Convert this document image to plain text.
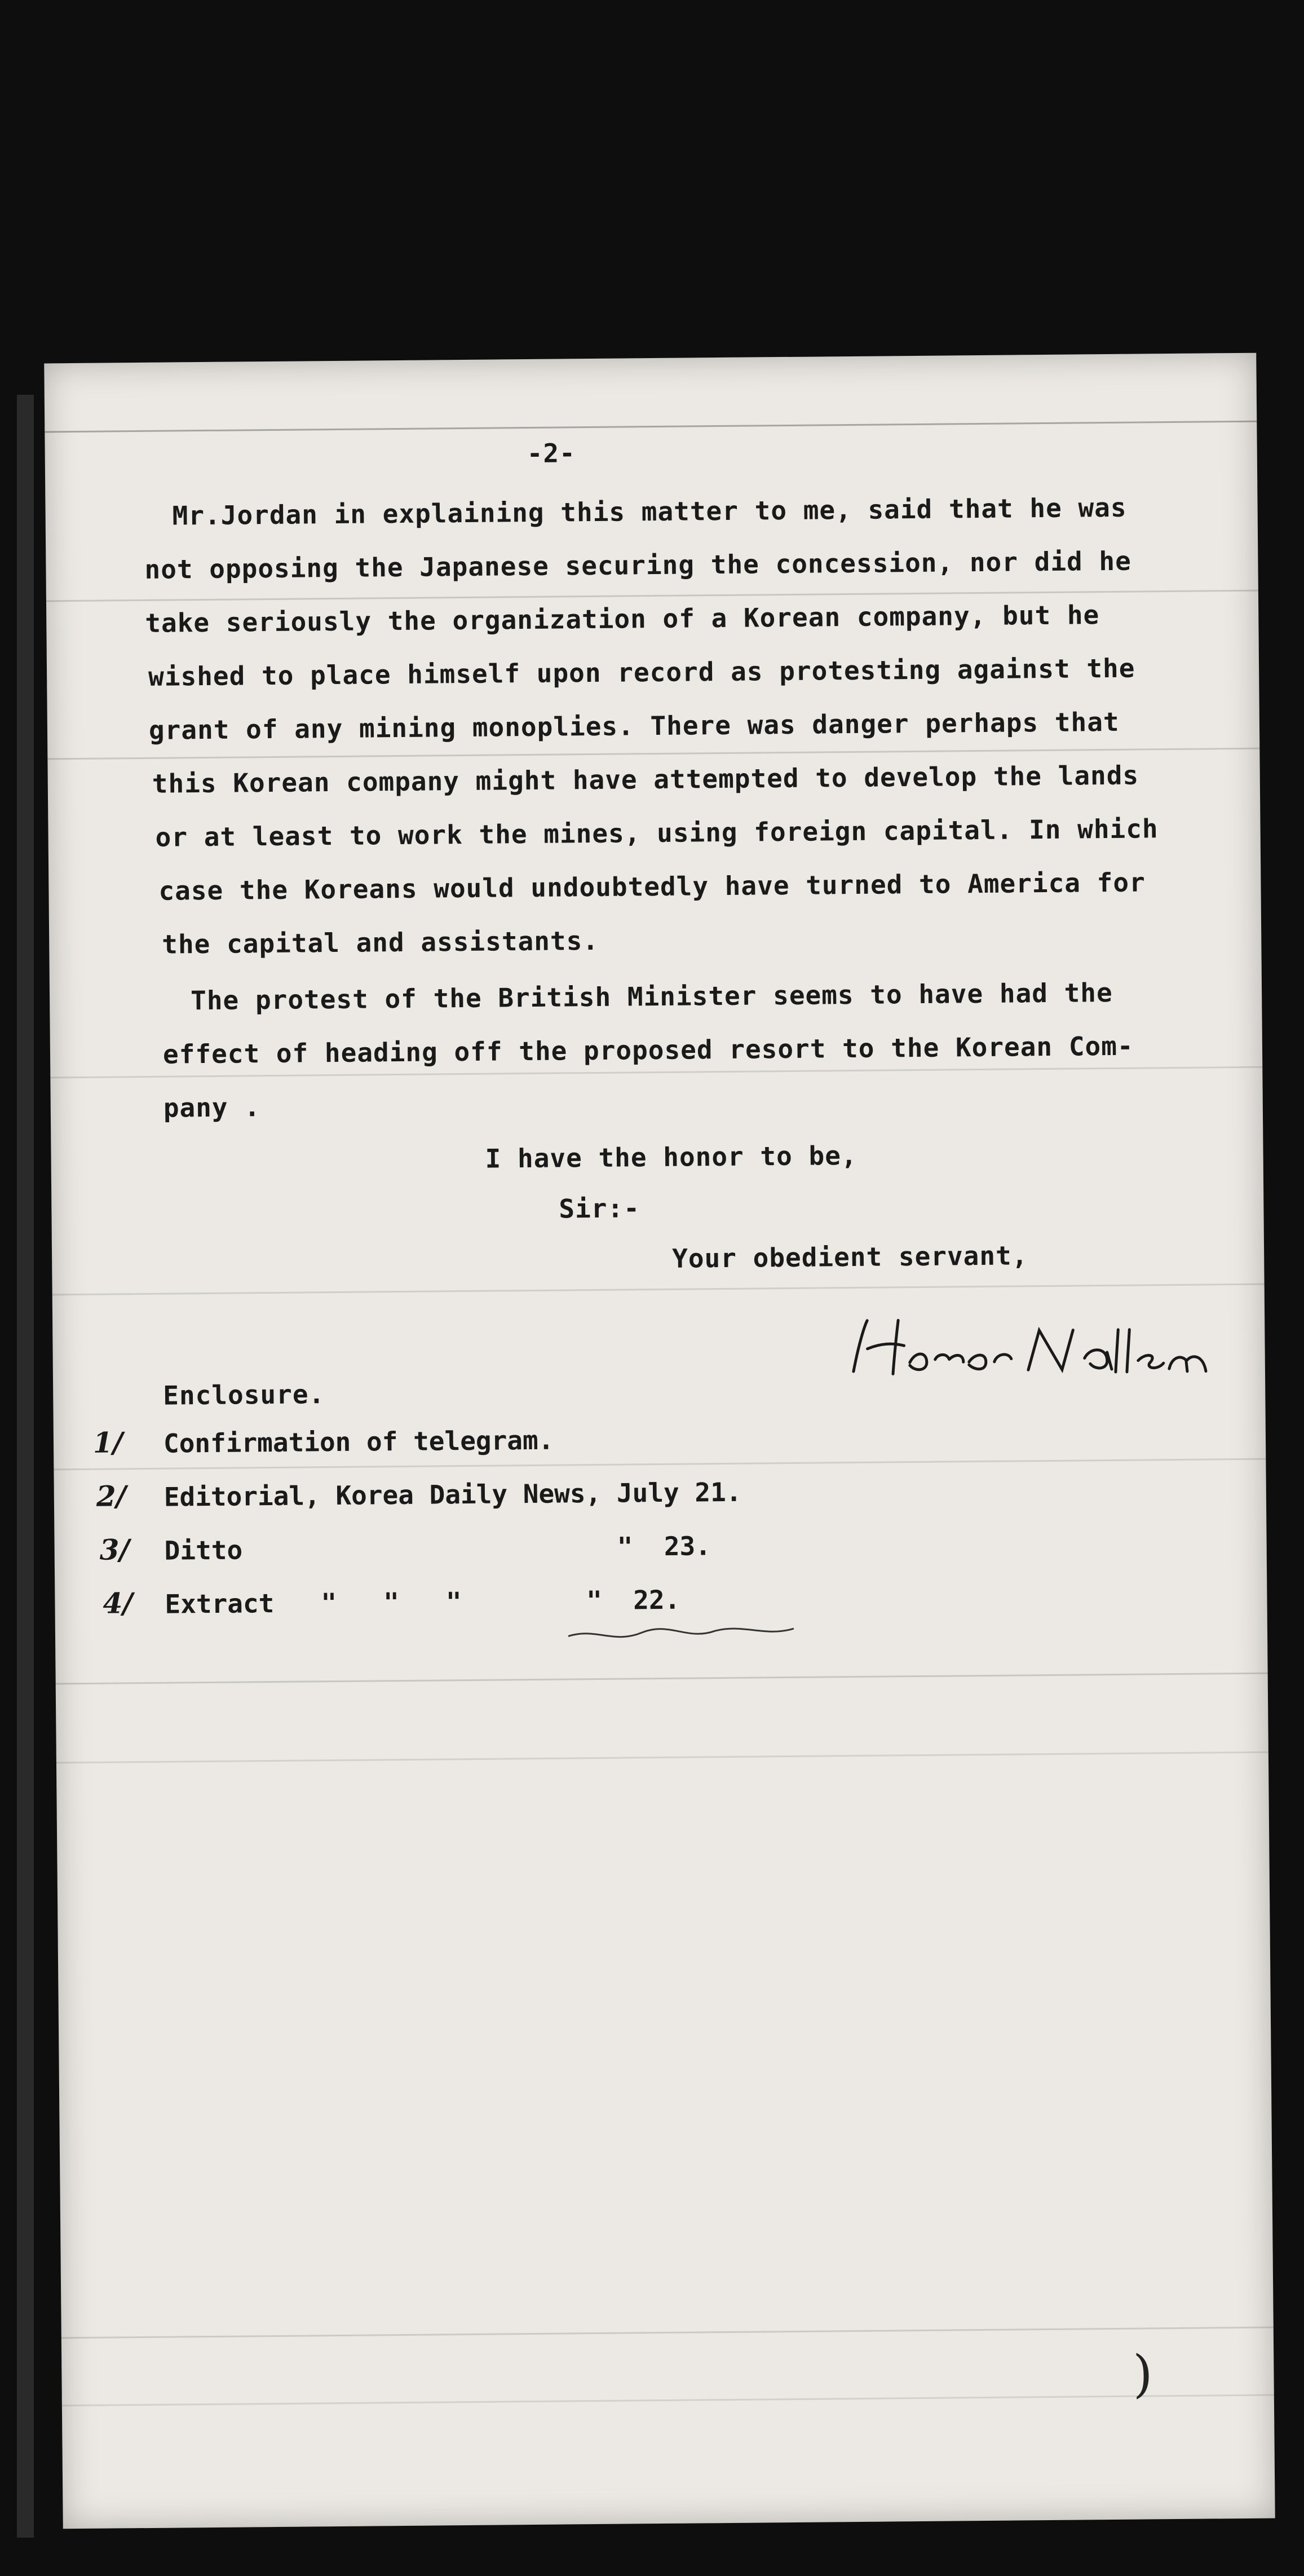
-2-
Mr.Jordan in explaining this matter to me, said that he was
not opposing the Japanese securing the concession, nor did he
take seriously the organization of a Korean company, but he
wished to place himself upon record as protesting against the
grant of any mining monoplies. There was danger perhaps that
this Korean company might have attempted to develop the lands
or at least to work the mines, using foreign capital. In which
case the Koreans would undoubtedly have turned to America for
the capital and assistants.
The protest of the British Minister seems to have had the
effect of heading off the proposed resort to the Korean Com-
pany .
I have the honor to be,
Sir:-
Your obedient servant,
Enclosure.
1/ Confirmation of telegram.
2/ Editorial, Korea Daily News, July 21.
3/ Ditto                        "  23.
4/ Extract   "   "   "        "  22.
)
